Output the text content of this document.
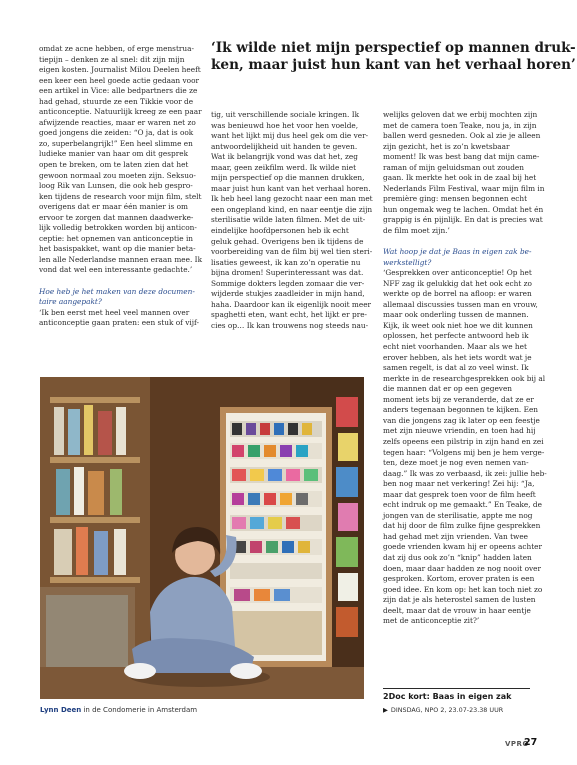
‘Ik wilde niet mijn perspectief op mannen druk-
ken, maar juist hun kant van het verhaal horen’

omdat ze acne hebben, of erge menstrua-

tiepijn – denken ze al snel: dit zijn mijn

eigen kosten. Journalist Milou Deelen heeft

een keer een heel goede actie gedaan voor

een artikel in Vice: alle bedpartners die ze

had gehad, stuurde ze een Tikkie voor de

anticonceptie. Natuurlijk kreeg ze een paar

afwijzende reacties, maar er waren net zo

goed jongens die zeiden: “O ja, dat is ook

zo, superbelangrijk!” Een heel slimme en

ludieke manier van haar om dit gesprek

open te breken, om te laten zien dat het

gewoon normaal zou moeten zijn. Seksuo-

loog Rik van Lunsen, die ook heb gespro-

ken tijdens de research voor mijn film, stelt

overigens dat er maar één manier is om

ervoor te zorgen dat mannen daadwerke-

lijk volledig betrokken worden bij anticon-

ceptie: het opnemen van anticonceptie in

het basispakket, want op die manier beta-

len alle Nederlandse mannen eraan mee. Ik

vond dat wel een interessante gedachte.’

Hoe heb je het maken van deze documen-

taire aangepakt?

‘Ik ben eerst met heel veel mannen over

anticonceptie gaan praten: een stuk of vijf-

tig, uit verschillende sociale kringen. Ik

was benieuwd hoe het voor hen voelde,

want het lijkt mij dus heel gek om die ver-

antwoordelijkheid uit handen te geven.

Wat ik belangrijk vond was dat het, zeg

maar, geen zeikfilm werd. Ik wilde niet

mijn perspectief op die mannen drukken,

maar juist hun kant van het verhaal horen.

Ik heb heel lang gezocht naar een man met

een ongepland kind, en naar eentje die zijn

sterilisatie wilde laten filmen. Met de uit-

eindelijke hoofdpersonen heb ik echt

geluk gehad. Overigens ben ik tijdens de

voorbereiding van de film bij wel tien steri-

lisaties geweest, ik kan zo’n operatie nu

bijna dromen! Superinteressant was dat.

Sommige dokters legden zomaar die ver-

wijderde stukjes zaadleider in mijn hand,

haha. Daardoor kan ik eigenlijk nooit meer

spaghetti eten, want echt, het lijkt er pre-

cies op… Ik kan trouwens nog steeds nau-

welijks geloven dat we erbij mochten zijn

met de camera toen Teake, nou ja, in zijn

ballen werd gesneden. Ook al zie je alleen

zijn gezicht, het is zo’n kwetsbaar

moment! Ik was best bang dat mijn came-

raman of mijn geluidsman out zouden

gaan. Ik merkte het ook in de zaal bij het

Nederlands Film Festival, waar mijn film in

première ging: mensen begonnen echt

hun ongemak weg te lachen. Omdat het én

grappig is én pijnlijk. En dat is precies wat

de film moet zijn.’

Wat hoop je dat je Baas in eigen zak be-

werkstelligt?

‘Gesprekken over anticonceptie! Op het

NFF zag ik gelukkig dat het ook echt zo

werkte op de borrel na afloop: er waren

allemaal discussies tussen man en vrouw,

maar ook onderling tussen de mannen.

Kijk, ik weet ook niet hoe we dit kunnen

oplossen, het perfecte antwoord heb ik

echt niet voorhanden. Maar als we het

erover hebben, als het iets wordt wat je

samen regelt, is dat al zo veel winst. Ik

merkte in de researchgesprekken ook bij al

die mannen dat er op een gegeven

moment iets bij ze veranderde, dat ze er

anders tegenaan begonnen te kijken. Een

van die jongens zag ik later op een feestje

met zijn nieuwe vriendin, en toen had hij

zelfs opeens een pilstrip in zijn hand en zei

tegen haar: “Volgens mij ben je hem verge-

ten, deze moet je nog even nemen van-

daag.” Ik was zo verbaasd, ik zei: jullie heb-

ben nog maar net verkering! Zei hij: “Ja,

maar dat gesprek toen voor de film heeft

echt indruk op me gemaakt.” En Teake, de

jongen van de sterilisatie, appte me nog

dat hij door de film zulke fijne gesprekken

had gehad met zijn vrienden. Van twee

goede vrienden kwam hij er opeens achter

dat zij dus ook zo’n “knip” hadden laten

doen, maar daar hadden ze nog nooit over

gesproken. Kortom, erover praten is een

goed idee. En kom op: het kan toch niet zo

zijn dat je als heterostel samen de lusten

deelt, maar dat de vrouw in haar eentje

met de anticonceptie zit?’

Lynn Deen in de Condomerie in Amsterdam
2Doc kort: Baas in eigen zak
▶ DINSDAG, NPO 2, 23.07-23.38 UUR
VPRO
27
